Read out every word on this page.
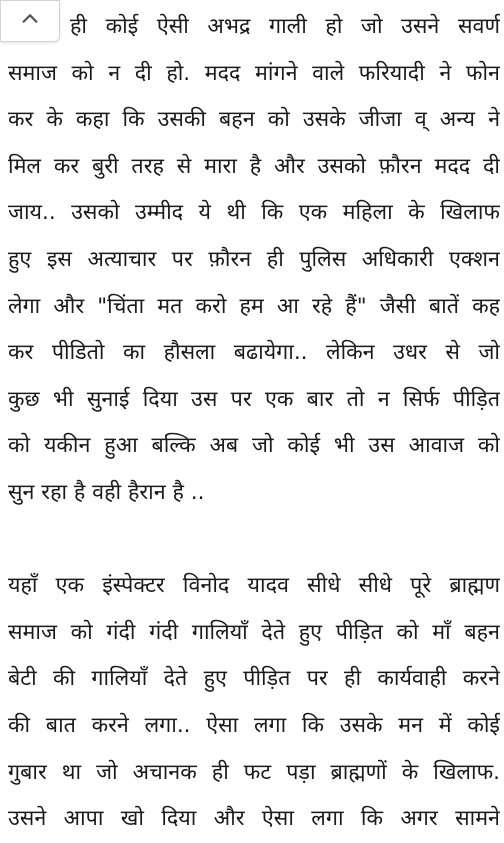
ही कोई ऐसी अभद्र गाली हो जो उसने सवर्ण
समाज को न दी हो. मदद मांगने वाले फरियादी ने फोन
कर के कहा कि उसकी बहन को उसके जीजा व् अन्य ने
मिल कर बुरी तरह से मारा है और उसको फ़ौरन मदद दी
जाय.. उसको उम्मीद ये थी कि एक महिला के खिलाफ
हुए इस अत्याचार पर फ़ौरन ही पुलिस अधिकारी एक्शन
लेगा और "चिंता मत करो हम आ रहे हैं" जैसी बातें कह
कर पीडितो का हौसला बढायेगा.. लेकिन उधर से जो
कुछ भी सुनाई दिया उस पर एक बार तो न सिर्फ पीड़ित
को यकीन हुआ बल्कि अब जो कोई भी उस आवाज को
सुन रहा है वही हैरान है ..
यहाँ एक इंस्पेक्टर विनोद यादव सीधे सीधे पूरे ब्राह्मण
समाज को गंदी गंदी गालियाँ देते हुए पीड़ित को माँ बहन
बेटी की गालियाँ देते हुए पीड़ित पर ही कार्यवाही करने
की बात करने लगा.. ऐसा लगा कि उसके मन में कोई
गुबार था जो अचानक ही फट पड़ा ब्राह्मणों के खिलाफ.
उसने आपा खो दिया और ऐसा लगा कि अगर सामने
